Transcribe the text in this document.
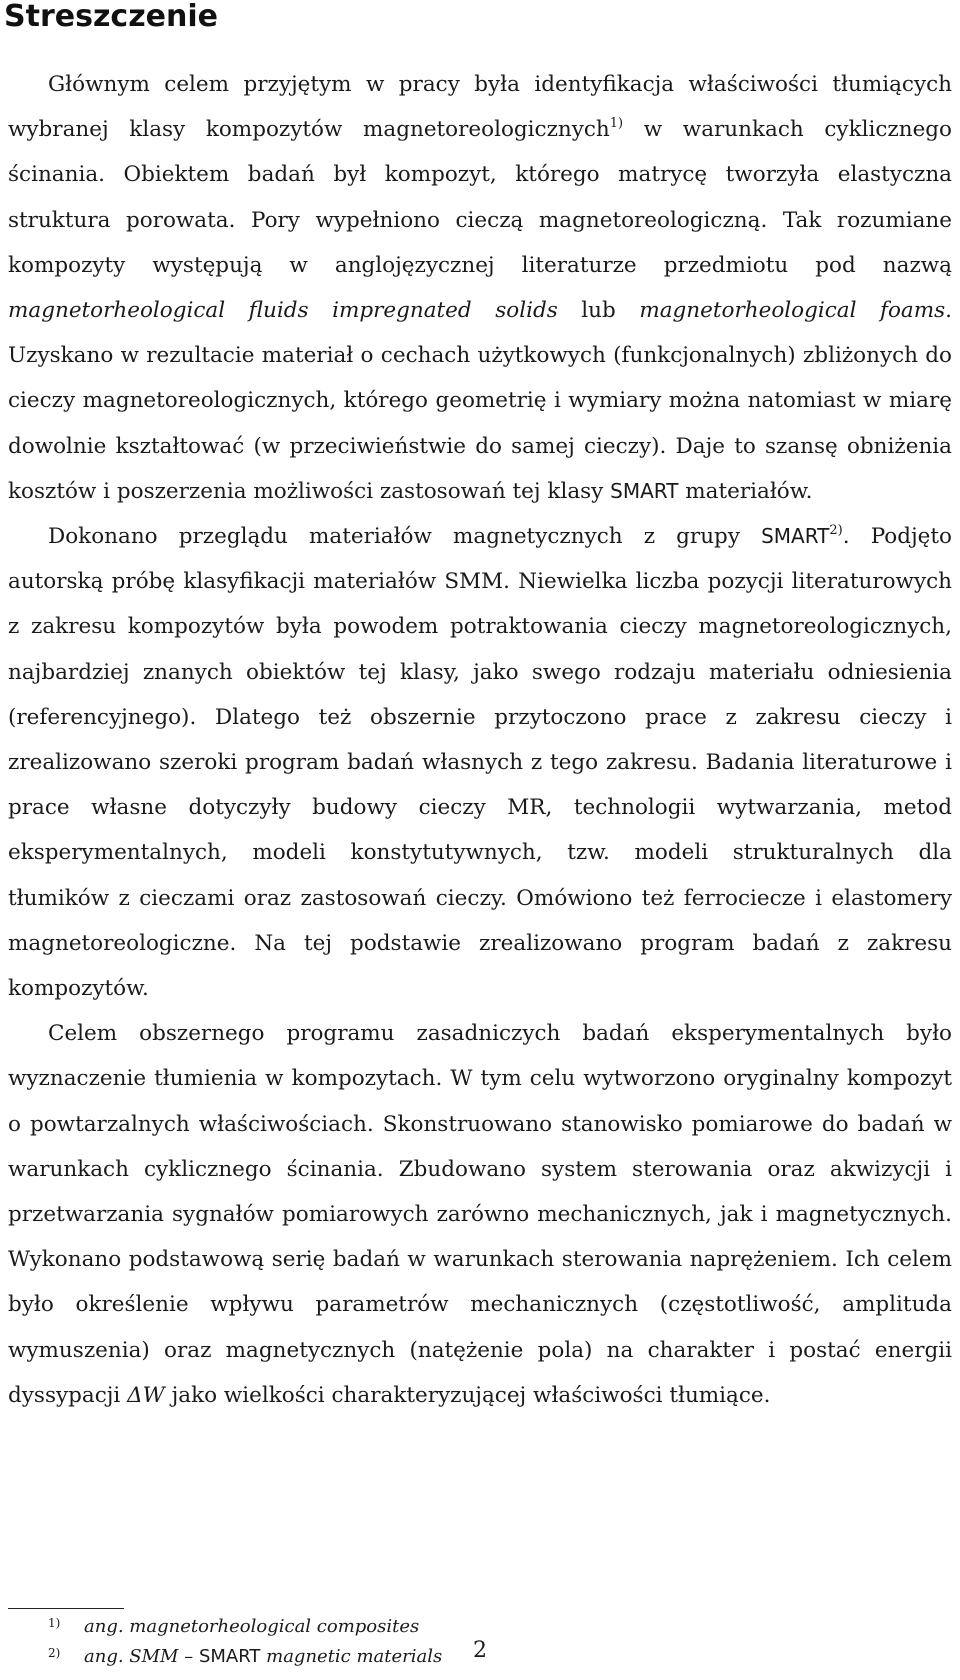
Streszczenie

Głównym celem przyjętym w pracy była identyfikacja właściwości tłumiących wybranej klasy kompozytów magnetoreologicznych$^{1)}$ w warunkach cyklicznego ścinania. Obiektem badań był kompozyt, którego matrycę tworzyła elastyczna struktura porowata. Pory wypełniono cieczą magnetoreologiczną. Tak rozumiane kompozyty występują w anglojęzycznej literaturze przedmiotu pod nazwą magnetorheological fluids impregnated solids lub magnetorheological foams. Uzyskano w rezultacie materiał o cechach użytkowych (funkcjonalnych) zbliżonych do cieczy magnetoreologicznych, którego geometrię i wymiary można natomiast w miarę dowolnie kształtować (w przeciwieństwie do samej cieczy). Daje to szansę obniżenia kosztów i poszerzenia możliwości zastosowań tej klasy SMART materiałów.

Dokonano przeglądu materiałów magnetycznych z grupy SMART$^{2)}$. Podjęto autorską próbę klasyfikacji materiałów SMM. Niewielka liczba pozycji literaturowych z zakresu kompozytów była powodem potraktowania cieczy magnetoreologicznych, najbardziej znanych obiektów tej klasy, jako swego rodzaju materiału odniesienia (referencyjnego). Dlatego też obszernie przytoczono prace z zakresu cieczy i zrealizowano szeroki program badań własnych z tego zakresu. Badania literaturowe i prace własne dotyczyły budowy cieczy MR, technologii wytwarzania, metod eksperymentalnych, modeli konstytutywnych, tzw. modeli strukturalnych dla tłumików z cieczami oraz zastosowań cieczy. Omówiono też ferrociecze i elastomery magnetoreologiczne. Na tej podstawie zrealizowano program badań z zakresu kompozytów.

Celem obszernego programu zasadniczych badań eksperymentalnych było wyznaczenie tłumienia w kompozytach. W tym celu wytworzono oryginalny kompozyt o powtarzalnych właściwościach. Skonstruowano stanowisko pomiarowe do badań w warunkach cyklicznego ścinania. Zbudowano system sterowania oraz akwizycji i przetwarzania sygnałów pomiarowych zarówno mechanicznych, jak i magnetycznych. Wykonano podstawową serię badań w warunkach sterowania naprężeniem. Ich celem było określenie wpływu parametrów mechanicznych (częstotliwość, amplituda wymuszenia) oraz magnetycznych (natężenie pola) na charakter i postać energii dyssypacji ΔW jako wielkości charakteryzującej właściwości tłumiące.

1)	ang. magnetorheological composites

2)	ang. SMM – SMART magnetic materials	2
